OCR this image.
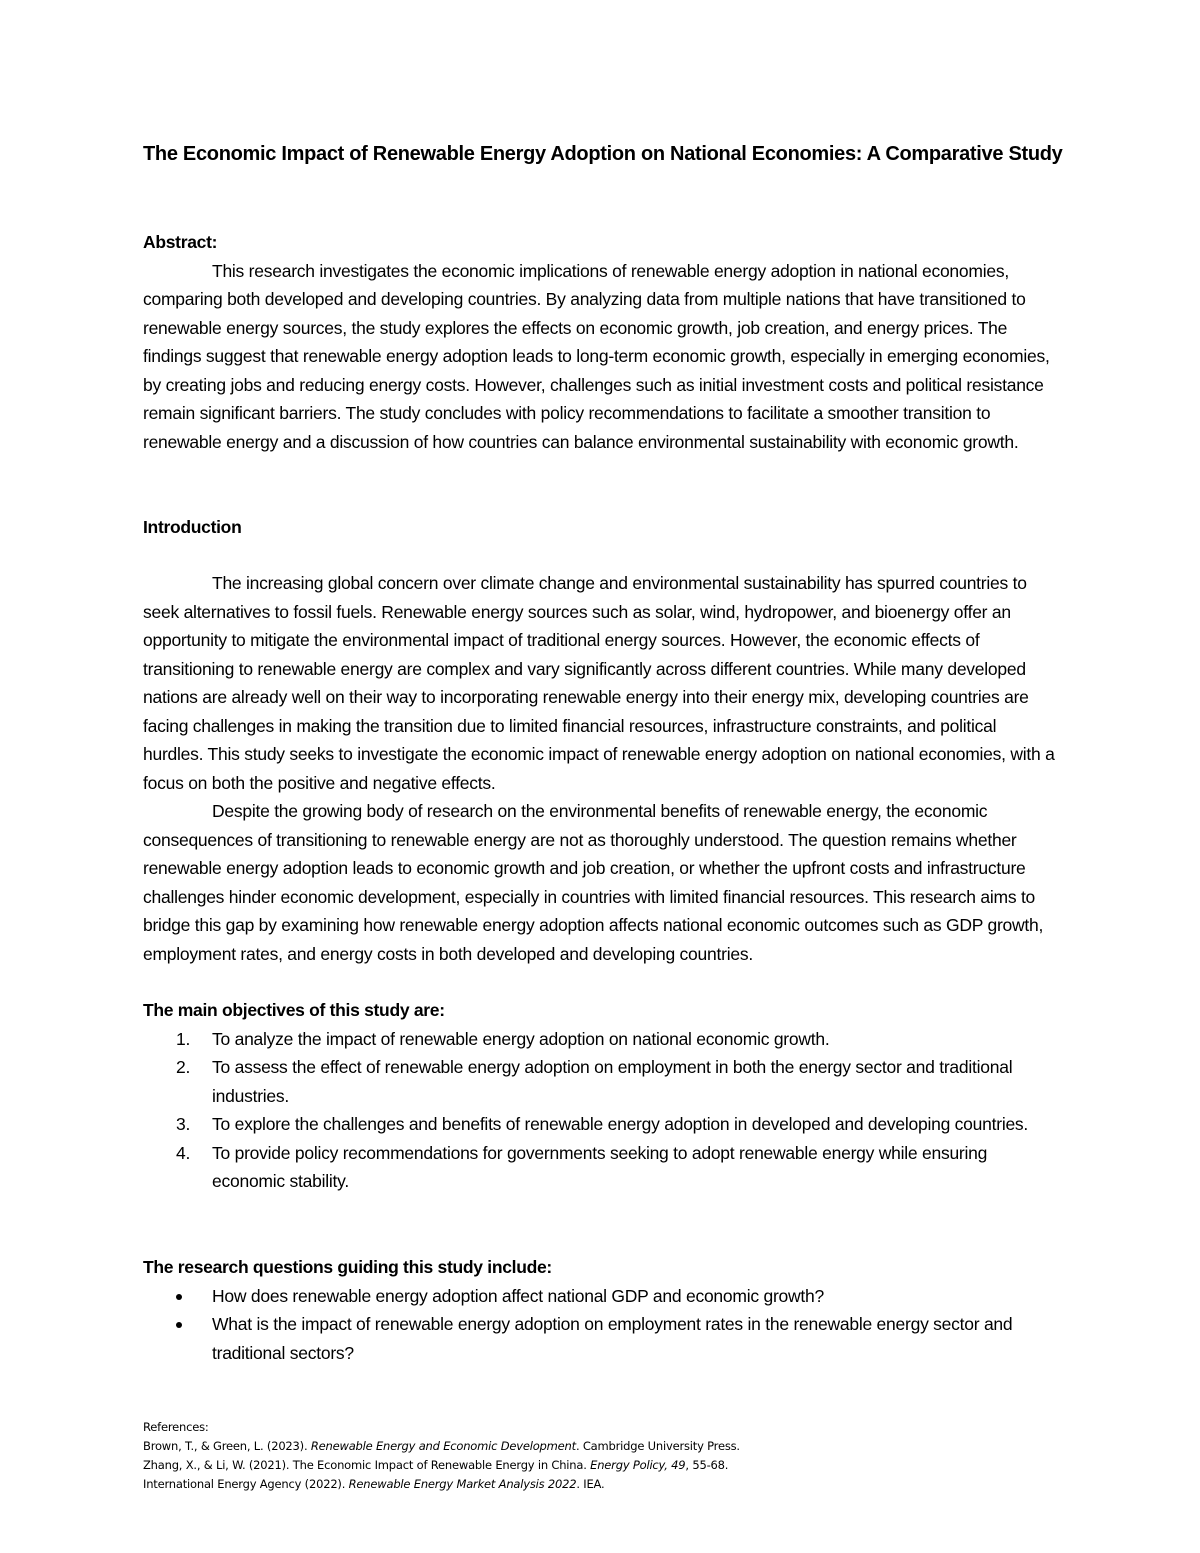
The Economic Impact of Renewable Energy Adoption on National Economies: A Comparative Study
Abstract:

This research investigates the economic implications of renewable energy adoption in national economies, comparing both developed and developing countries. By analyzing data from multiple nations that have transitioned to renewable energy sources, the study explores the effects on economic growth, job creation, and energy prices. The findings suggest that renewable energy adoption leads to long-term economic growth, especially in emerging economies, by creating jobs and reducing energy costs. However, challenges such as initial investment costs and political resistance remain significant barriers. The study concludes with policy recommendations to facilitate a smoother transition to renewable energy and a discussion of how countries can balance environmental sustainability with economic growth.

Introduction

The increasing global concern over climate change and environmental sustainability has spurred countries to seek alternatives to fossil fuels. Renewable energy sources such as solar, wind, hydropower, and bioenergy offer an opportunity to mitigate the environmental impact of traditional energy sources. However, the economic effects of transitioning to renewable energy are complex and vary significantly across different countries. While many developed nations are already well on their way to incorporating renewable energy into their energy mix, developing countries are facing challenges in making the transition due to limited financial resources, infrastructure constraints, and political hurdles. This study seeks to investigate the economic impact of renewable energy adoption on national economies, with a focus on both the positive and negative effects.

Despite the growing body of research on the environmental benefits of renewable energy, the economic consequences of transitioning to renewable energy are not as thoroughly understood. The question remains whether renewable energy adoption leads to economic growth and job creation, or whether the upfront costs and infrastructure challenges hinder economic development, especially in countries with limited financial resources. This research aims to bridge this gap by examining how renewable energy adoption affects national economic outcomes such as GDP growth, employment rates, and energy costs in both developed and developing countries.

The main objectives of this study are:
1.	To analyze the impact of renewable energy adoption on national economic growth.
2.	To assess the effect of renewable energy adoption on employment in both the energy sector and traditional industries.
3.	To explore the challenges and benefits of renewable energy adoption in developed and developing countries.
4.	To provide policy recommendations for governments seeking to adopt renewable energy while ensuring economic stability.
The research questions guiding this study include:
How does renewable energy adoption affect national GDP and economic growth?
What is the impact of renewable energy adoption on employment rates in the renewable energy sector and traditional sectors?
References:
Brown, T., & Green, L. (2023). Renewable Energy and Economic Development. Cambridge University Press.
Zhang, X., & Li, W. (2021). The Economic Impact of Renewable Energy in China. Energy Policy, 49, 55-68.
International Energy Agency (2022). Renewable Energy Market Analysis 2022. IEA.
